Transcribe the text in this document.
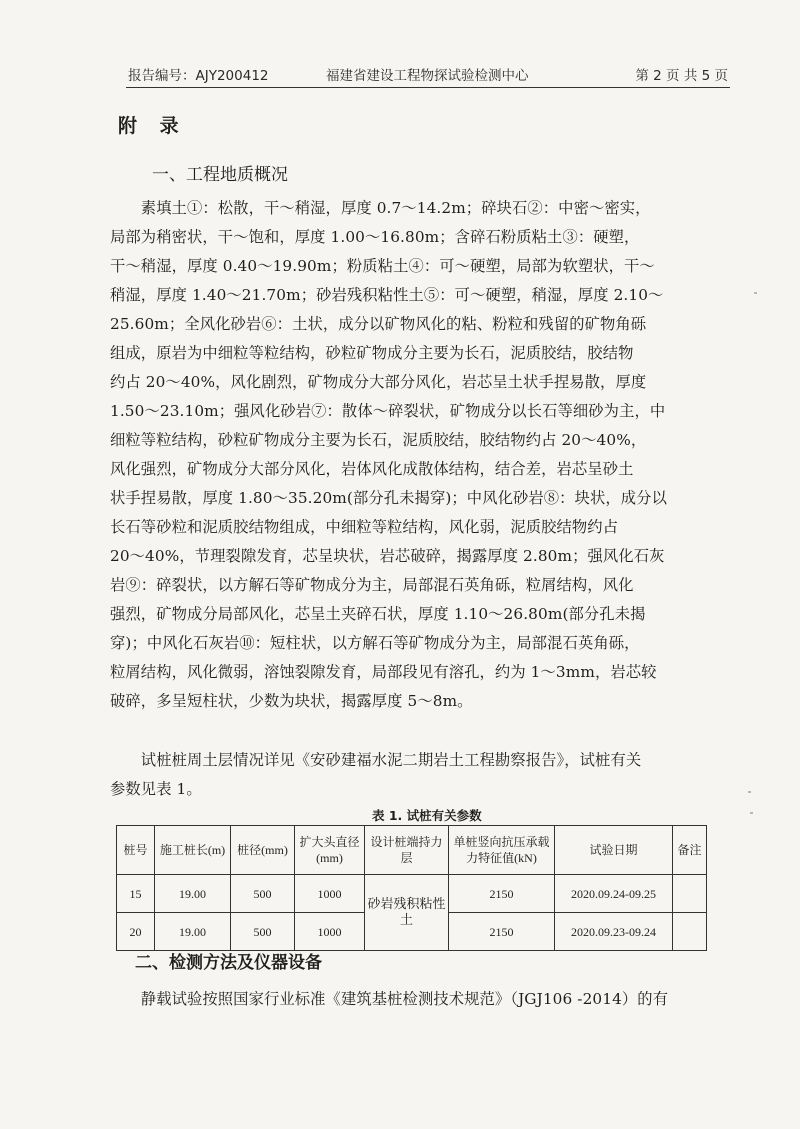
报告编号：AJY200412	福建省建设工程物探试验检测中心	第 2 页 共 5 页
附 录
一、工程地质概况
　　素填土①：松散，干～稍湿，厚度 0.7～14.2m；碎块石②：中密～密实，
局部为稍密状，干～饱和，厚度 1.00～16.80m；含碎石粉质粘土③：硬塑，
干～稍湿，厚度 0.40～19.90m；粉质粘土④：可～硬塑，局部为软塑状，干～
稍湿，厚度 1.40～21.70m；砂岩残积粘性土⑤：可～硬塑，稍湿，厚度 2.10～
25.60m；全风化砂岩⑥：土状，成分以矿物风化的粘、粉粒和残留的矿物角砾
组成，原岩为中细粒等粒结构，砂粒矿物成分主要为长石，泥质胶结，胶结物
约占 20～40%，风化剧烈，矿物成分大部分风化，岩芯呈土状手捏易散，厚度
1.50～23.10m；强风化砂岩⑦：散体～碎裂状，矿物成分以长石等细砂为主，中
细粒等粒结构，砂粒矿物成分主要为长石，泥质胶结，胶结物约占 20～40%，
风化强烈，矿物成分大部分风化，岩体风化成散体结构，结合差，岩芯呈砂土
状手捏易散，厚度 1.80～35.20m(部分孔未揭穿)；中风化砂岩⑧：块状，成分以
长石等砂粒和泥质胶结物组成，中细粒等粒结构，风化弱，泥质胶结物约占
20～40%，节理裂隙发育，芯呈块状，岩芯破碎，揭露厚度 2.80m；强风化石灰
岩⑨：碎裂状，以方解石等矿物成分为主，局部混石英角砾，粒屑结构，风化
强烈，矿物成分局部风化，芯呈土夹碎石状，厚度 1.10～26.80m(部分孔未揭
穿)；中风化石灰岩⑩：短柱状，以方解石等矿物成分为主，局部混石英角砾，
粒屑结构，风化微弱，溶蚀裂隙发育，局部段见有溶孔，约为 1～3mm，岩芯较
破碎，多呈短柱状，少数为块状，揭露厚度 5～8m。
　　试桩桩周土层情况详见《安砂建福水泥二期岩土工程勘察报告》，试桩有关
参数见表 1。
表 1. 试桩有关参数
桩号	施工桩长(m)	桩径(mm)	扩大头直径(mm)	设计桩端持力层	单桩竖向抗压承载力特征值(kN)	试验日期	备注
15	19.00	500	1000	砂岩残积粘性土	2150	2020.09.24-09.25	
20	19.00	500	1000		2150	2020.09.23-09.24	
二、检测方法及仪器设备
　　静载试验按照国家行业标准《建筑基桩检测技术规范》（JGJ106 -2014）的有
